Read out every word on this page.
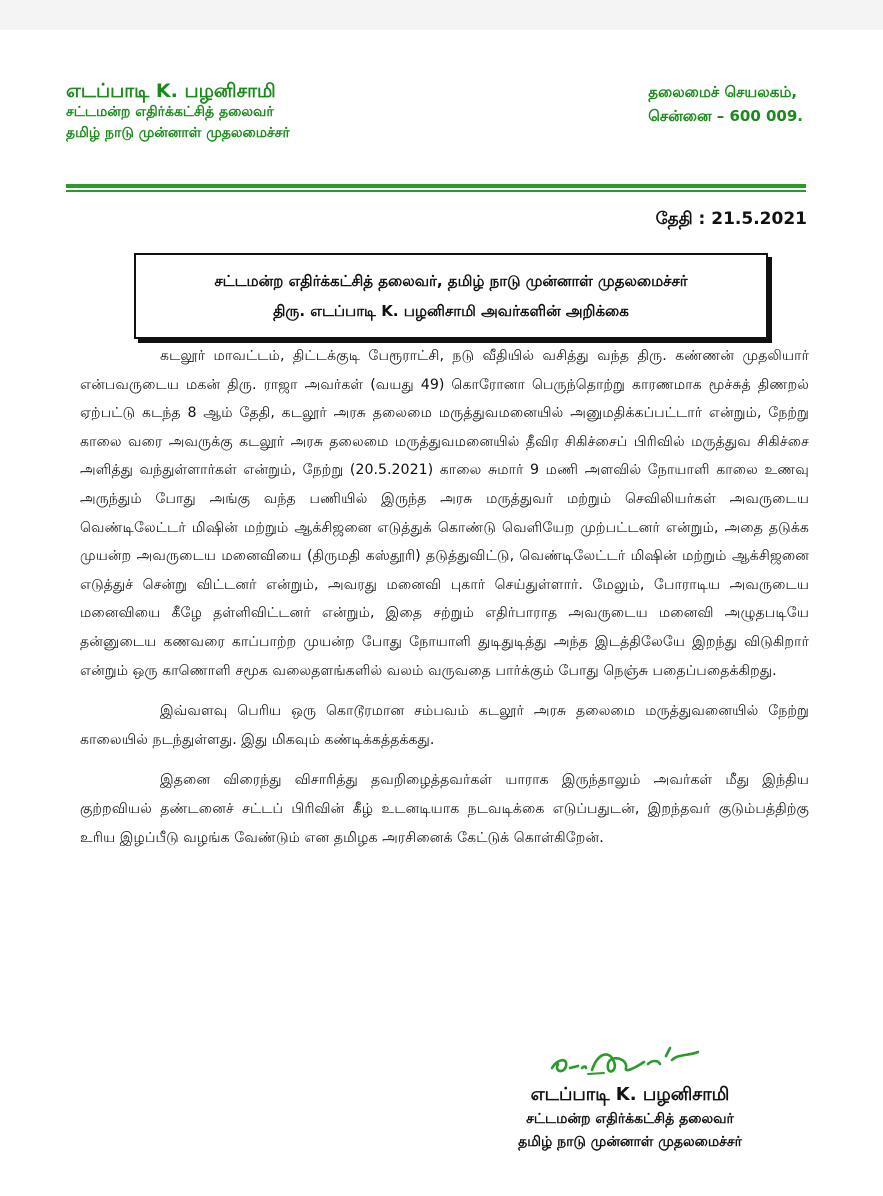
எடப்பாடி K. பழனிசாமி
சட்டமன்ற எதிர்க்கட்சித் தலைவர்
தமிழ் நாடு முன்னாள் முதலமைச்சர்
தலைமைச் செயலகம்,
சென்னை – 600 009.
தேதி : 21.5.2021
சட்டமன்ற எதிர்க்கட்சித் தலைவர், தமிழ் நாடு முன்னாள் முதலமைச்சர்
திரு. எடப்பாடி K. பழனிசாமி அவர்களின் அறிக்கை

கடலூர் மாவட்டம், திட்டக்குடி பேரூராட்சி, நடு வீதியில் வசித்து வந்த திரு. கண்ணன் முதலியார் என்பவருடைய மகன் திரு. ராஜா அவர்கள் (வயது 49) கொரோனா பெருந்தொற்று காரணமாக மூச்சுத் திணறல் ஏற்பட்டு கடந்த 8 ஆம் தேதி, கடலூர் அரசு தலைமை மருத்துவமனையில் அனுமதிக்கப்பட்டார் என்றும், நேற்று காலை வரை அவருக்கு கடலூர் அரசு தலைமை மருத்துவமனையில் தீவிர சிகிச்சைப் பிரிவில் மருத்துவ சிகிச்சை அளித்து வந்துள்ளார்கள் என்றும், நேற்று (20.5.2021) காலை சுமார் 9 மணி அளவில் நோயாளி காலை உணவு அருந்தும் போது அங்கு வந்த பணியில் இருந்த அரசு மருத்துவர் மற்றும் செவிலியர்கள் அவருடைய வெண்டிலேட்டர் மிஷின் மற்றும் ஆக்சிஜனை எடுத்துக் கொண்டு வெளியேற முற்பட்டனர் என்றும், அதை தடுக்க முயன்ற அவருடைய மனைவியை (திருமதி கஸ்தூரி) தடுத்துவிட்டு, வெண்டிலேட்டர் மிஷின் மற்றும் ஆக்சிஜனை எடுத்துச் சென்று விட்டனர் என்றும், அவரது மனைவி புகார் செய்துள்ளார். மேலும், போராடிய அவருடைய மனைவியை கீழே தள்ளிவிட்டனர் என்றும், இதை சற்றும் எதிர்பாராத அவருடைய மனைவி அழுதபடியே தன்னுடைய கணவரை காப்பாற்ற முயன்ற போது நோயாளி துடிதுடித்து அந்த இடத்திலேயே இறந்து விடுகிறார் என்றும் ஒரு காணொளி சமூக வலைதளங்களில் வலம் வருவதை பார்க்கும் போது நெஞ்சு பதைப்பதைக்கிறது.

இவ்வளவு பெரிய ஒரு கொடூரமான சம்பவம் கடலூர் அரசு தலைமை மருத்துவனையில் நேற்று காலையில் நடந்துள்ளது. இது மிகவும் கண்டிக்கத்தக்கது.

இதனை விரைந்து விசாரித்து தவறிழைத்தவர்கள் யாராக இருந்தாலும் அவர்கள் மீது இந்திய குற்றவியல் தண்டனைச் சட்டப் பிரிவின் கீழ் உடனடியாக நடவடிக்கை எடுப்பதுடன், இறந்தவர் குடும்பத்திற்கு உரிய இழப்பீடு வழங்க வேண்டும் என தமிழக அரசினைக் கேட்டுக் கொள்கிறேன்.

எடப்பாடி K. பழனிசாமி
சட்டமன்ற எதிர்க்கட்சித் தலைவர்
தமிழ் நாடு முன்னாள் முதலமைச்சர்
